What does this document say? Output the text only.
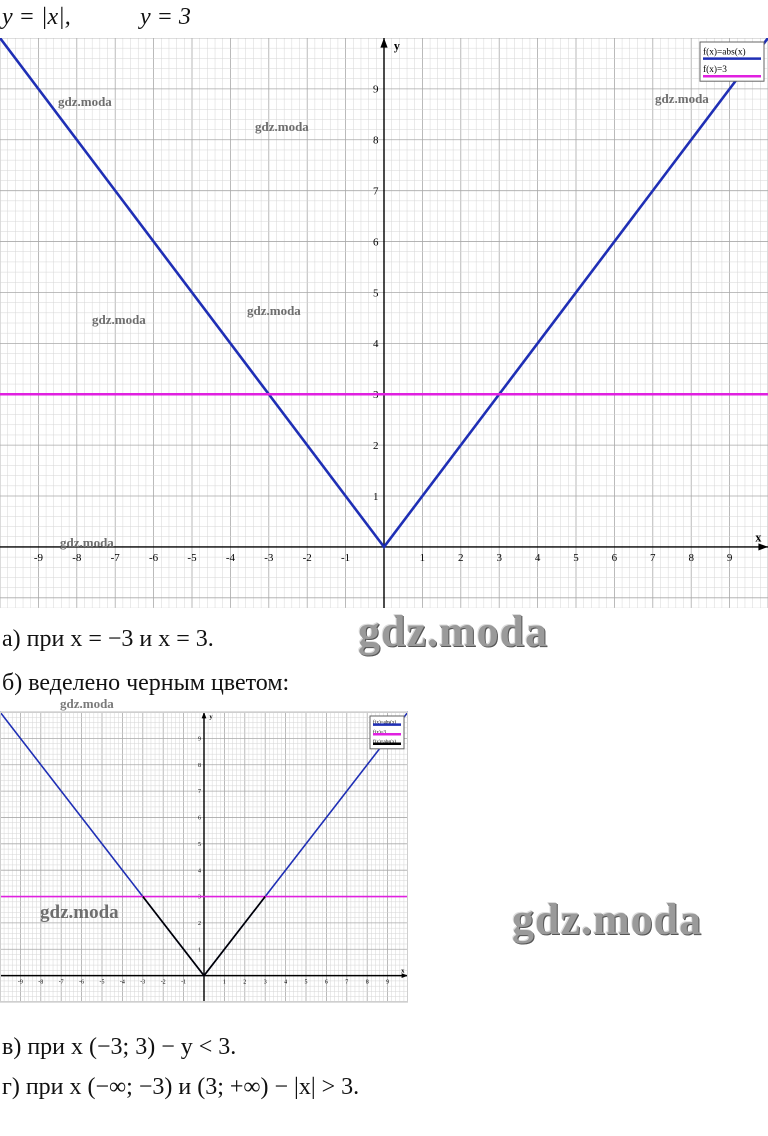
y = |x|,	y = 3
x
y
-9	-8	-7	-6	-5	-4	-3	-2	-1	1	2	3	4	5	6	7	8	9
1
2
3
4
5
6
7
8
9
f(x)=abs(x)
f(x)=3
gdz.moda
gdz.moda
gdz.moda
gdz.moda
gdz.moda
gdz.moda
а) при x = −3 и x = 3.	gdz.moda
б) веделено черным цветом:
gdz.moda
x
y
-9	-8	-7	-6	-5	-4	-3	-2	-1	1	2	3	4	5	6	7	8	9
1
2
3
4
5
6
7
8
9
f(x)=abs(x)
f(x)=3
f(x)=abs(x)
gdz.moda	gdz.moda
в) при x (−3; 3) − y < 3.
г) при x (−∞; −3) и (3; +∞) − |x| > 3.
